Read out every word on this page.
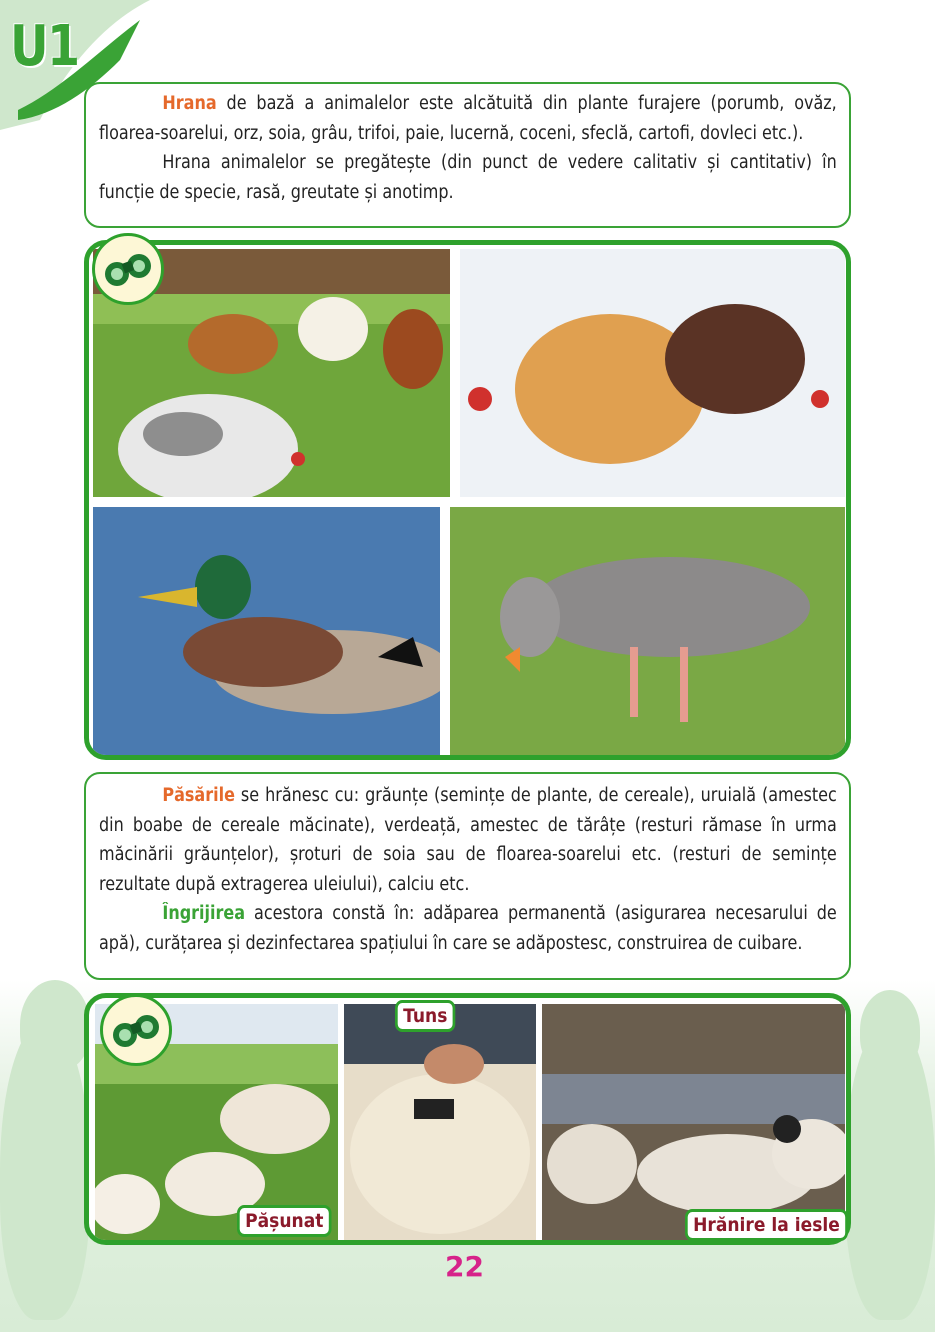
U1

Hrana de bază a animalelor este alcătuită din plante furajere (porumb, ovăz, floarea-soarelui, orz, soia, grâu, trifoi, paie, lucernă, coceni, sfeclă, cartofi, dovleci etc.).

Hrana animalelor se pregătește (din punct de vedere calitativ și cantitativ) în funcție de specie, rasă, greutate și anotimp.

Păsările se hrănesc cu: grăunțe (semințe de plante, de cereale), uruială (amestec din boabe de cereale măcinate), verdeață, amestec de tărâțe (resturi rămase în urma măcinării grăunțelor), șroturi de soia sau de floarea-soarelui etc. (resturi de semințe rezultate după extragerea uleiului), calciu etc.

Îngrijirea acestora constă în: adăparea permanentă (asigurarea necesarului de apă), curățarea și dezinfectarea spațiului în care se adăpostesc, construirea de cuibare.

Tuns
Pășunat	Hrănire la iesle
22
